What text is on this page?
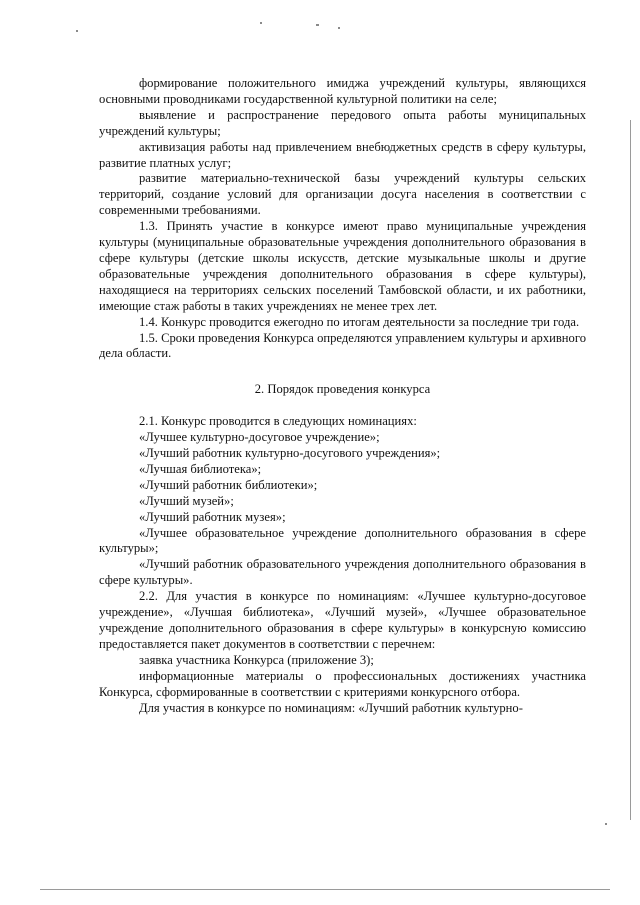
формирование положительного имиджа учреждений культуры, являющихся основными проводниками государственной культурной политики на селе;

выявление и распространение передового опыта работы муниципальных учреждений культуры;

активизация работы над привлечением внебюджетных средств в сферу культуры, развитие платных услуг;

развитие материально-технической базы учреждений культуры сельских территорий, создание условий для организации досуга населения в соответствии с современными требованиями.

1.3. Принять участие в конкурсе имеют право муниципальные учреждения культуры (муниципальные образовательные учреждения дополнительного образования в сфере культуры (детские школы искусств, детские музыкальные школы и другие образовательные учреждения дополнительного образования в сфере культуры), находящиеся на территориях сельских поселений Тамбовской области, и их работники, имеющие стаж работы в таких учреждениях не менее трех лет.

1.4. Конкурс проводится ежегодно по итогам деятельности за последние три года.

1.5. Сроки проведения Конкурса определяются управлением культуры и архивного дела области.

2. Порядок проведения конкурса

2.1. Конкурс проводится в следующих номинациях:

«Лучшее культурно-досуговое учреждение»;

«Лучший работник культурно-досугового учреждения»;

«Лучшая библиотека»;

«Лучший работник библиотеки»;

«Лучший музей»;

«Лучший работник музея»;

«Лучшее образовательное учреждение дополнительного образования в сфере культуры»;

«Лучший работник образовательного учреждения дополнительного образования в сфере культуры».

2.2. Для участия в конкурсе по номинациям: «Лучшее культурно-досуговое учреждение», «Лучшая библиотека», «Лучший музей», «Лучшее образовательное учреждение дополнительного образования в сфере культуры» в конкурсную комиссию предоставляется пакет документов в соответствии с перечнем:

заявка участника Конкурса (приложение 3);

информационные материалы о профессиональных достижениях участника Конкурса, сформированные в соответствии с критериями конкурсного отбора.

Для участия в конкурсе по номинациям: «Лучший работник культурно-
